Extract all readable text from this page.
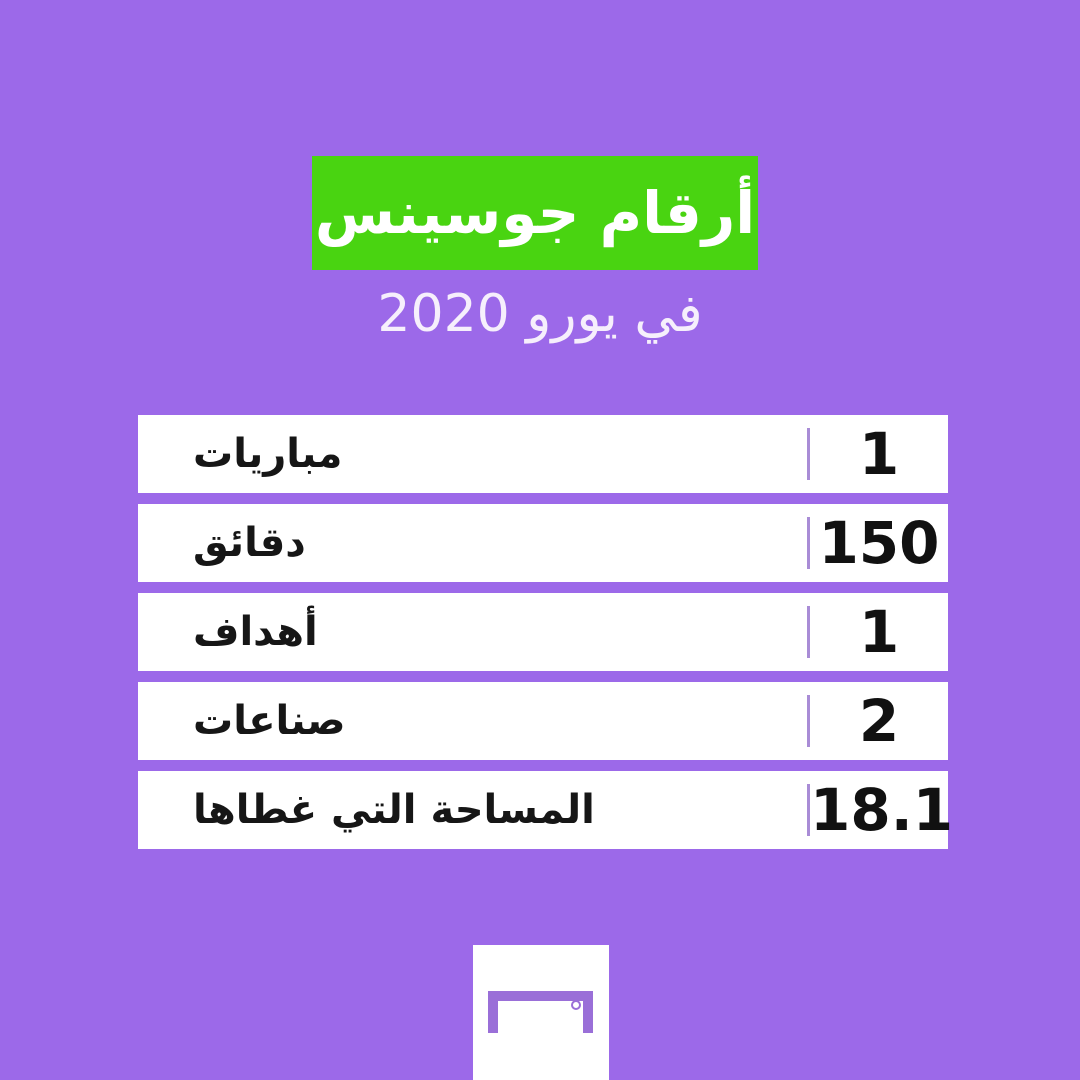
أرقام جوسينس
في يورو 2020
مباريات	1
دقائق	150
أهداف	1
صناعات	2
المساحة التي غطاها	18.1
